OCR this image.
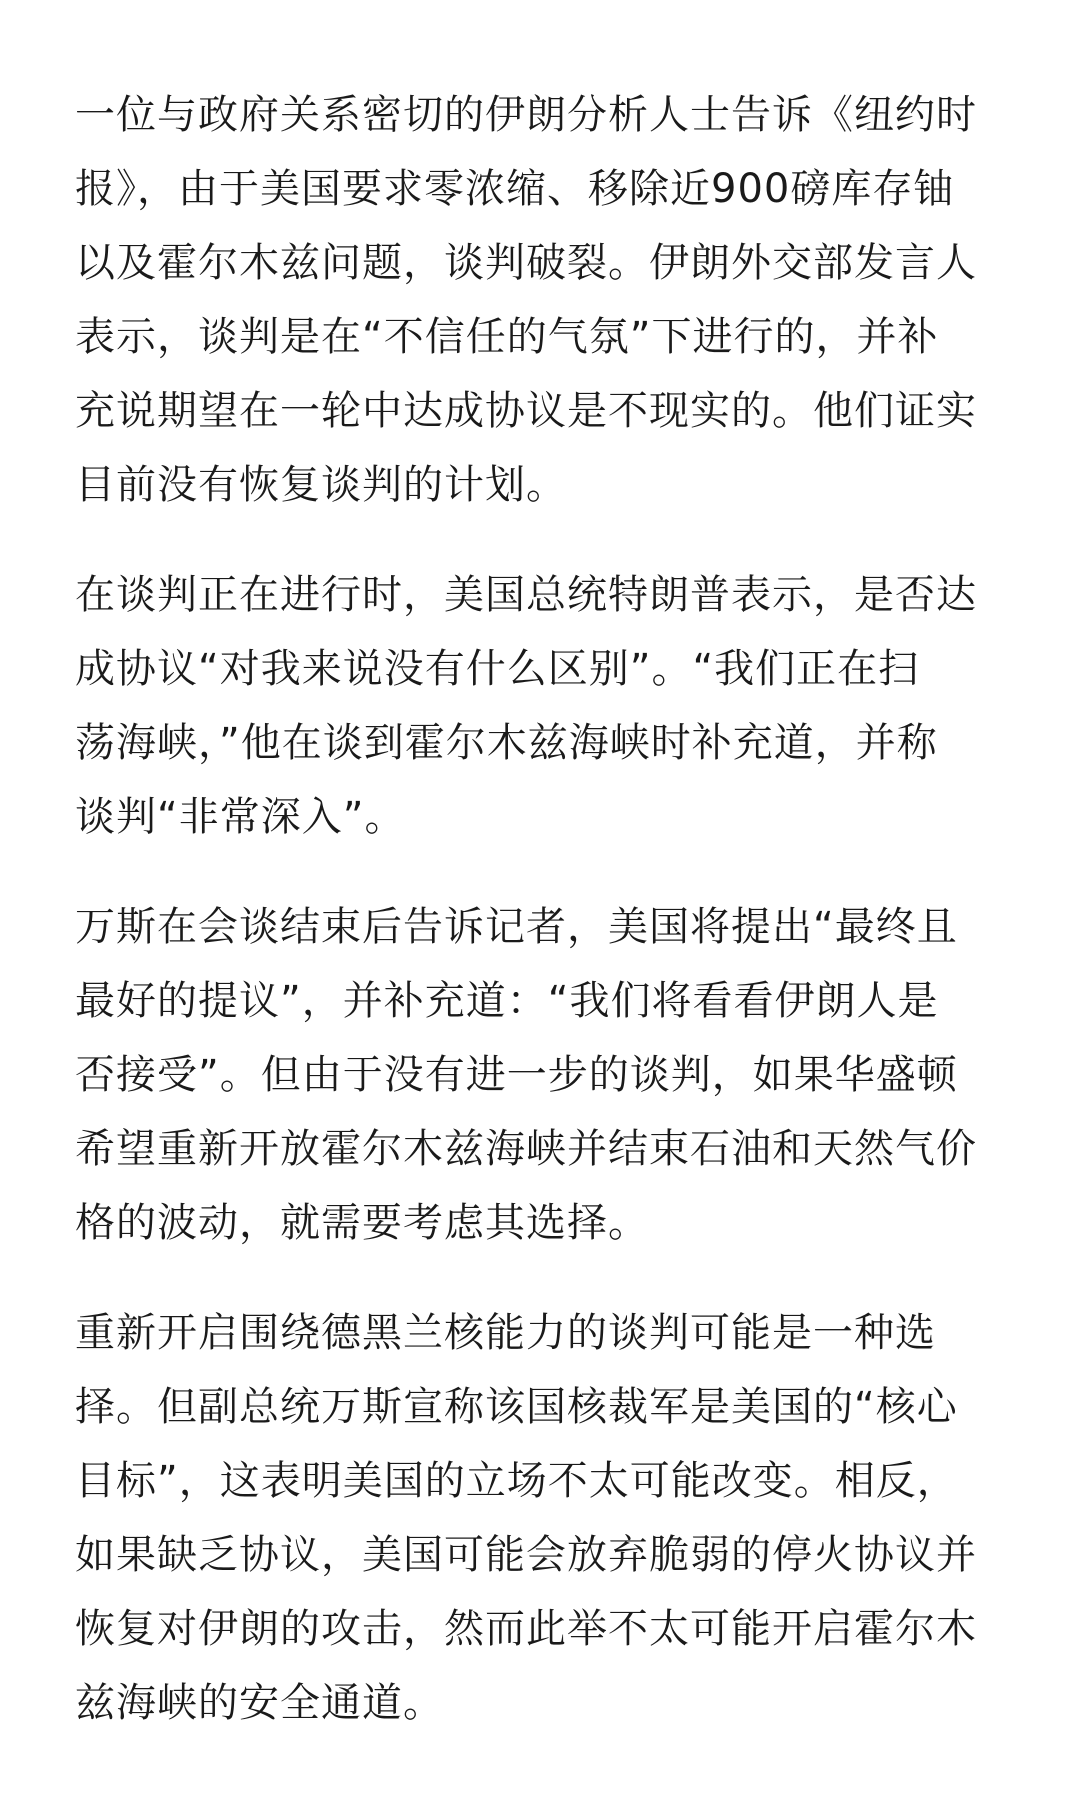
一位与政府关系密切的伊朗分析人士告诉《纽约时
报》，由于美国要求零浓缩、移除近900磅库存铀
以及霍尔木兹问题，谈判破裂。伊朗外交部发言人
表示，谈判是在“不信任的气氛”下进行的，并补
充说期望在一轮中达成协议是不现实的。他们证实
目前没有恢复谈判的计划。

在谈判正在进行时，美国总统特朗普表示，是否达
成协议“对我来说没有什么区别”。“我们正在扫
荡海峡，”他在谈到霍尔木兹海峡时补充道，并称
谈判“非常深入”。

万斯在会谈结束后告诉记者，美国将提出“最终且
最好的提议”，并补充道：“我们将看看伊朗人是
否接受”。但由于没有进一步的谈判，如果华盛顿
希望重新开放霍尔木兹海峡并结束石油和天然气价
格的波动，就需要考虑其选择。

重新开启围绕德黑兰核能力的谈判可能是一种选
择。但副总统万斯宣称该国核裁军是美国的“核心
目标”，这表明美国的立场不太可能改变。相反，
如果缺乏协议，美国可能会放弃脆弱的停火协议并
恢复对伊朗的攻击，然而此举不太可能开启霍尔木
兹海峡的安全通道。
